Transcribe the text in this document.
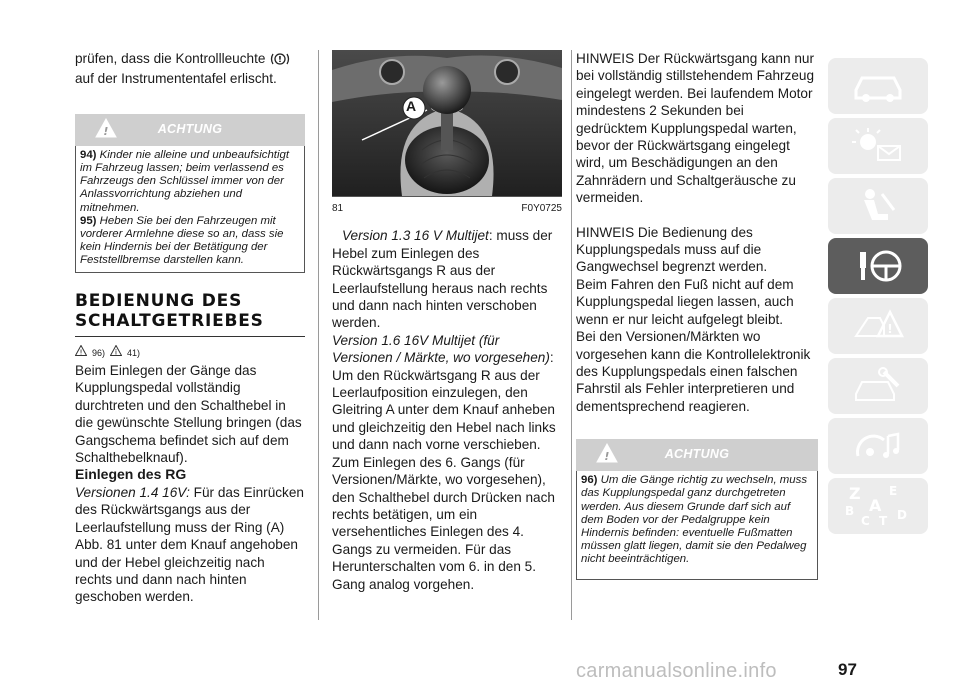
prüfen, dass die Kontrollleuchte !
auf der Instrumententafel erlischt.

!	ACHTUNG

94) Kinder nie alleine und unbeaufsichtigt im Fahrzeug lassen; beim verlassend es Fahrzeugs den Schlüssel immer von der Anlassvorrichtung abziehen und mitnehmen.

95) Heben Sie bei den Fahrzeugen mit vorderer Armlehne diese so an, dass sie kein Hindernis bei der Betätigung der Feststellbremse darstellen kann.

BEDIENUNG DES SCHALTGETRIEBES
! 96) i 41)

Beim Einlegen der Gänge das Kupplungspedal vollständig durchtreten und den Schalthebel in die gewünschte Stellung bringen (das Gangschema befindet sich auf dem Schalthebelknauf).

Einlegen des RG

Versionen 1.4 16V: Für das Einrücken des Rückwärtsgangs aus der Leerlaufstellung muss der Ring (A) Abb. 81 unter dem Knauf angehoben und der Hebel gleichzeitig nach rechts und dann nach hinten geschoben werden.

A
81	F0Y0725

Version 1.3 16 V Multijet: muss der Hebel zum Einlegen des Rückwärtsgangs R aus der Leerlaufstellung heraus nach rechts und dann nach hinten verschoben werden.

Version 1.6 16V Multijet (für Versionen / Märkte, wo vorgesehen): Um den Rückwärtsgang R aus der Leerlaufposition einzulegen, den Gleitring A unter dem Knauf anheben und gleichzeitig den Hebel nach links und dann nach vorne verschieben.

Zum Einlegen des 6. Gangs (für Versionen/Märkte, wo vorgesehen), den Schalthebel durch Drücken nach rechts betätigen, um ein versehentliches Einlegen des 4. Gangs zu vermeiden. Für das Herunterschalten vom 6. in den 5. Gang analog vorgehen.

HINWEIS Der Rückwärtsgang kann nur bei vollständig stillstehendem Fahrzeug eingelegt werden. Bei laufendem Motor mindestens 2 Sekunden bei gedrücktem Kupplungspedal warten, bevor der Rückwärtsgang eingelegt wird, um Beschädigungen an den Zahnrädern und Schaltgeräusche zu vermeiden.

HINWEIS Die Bedienung des Kupplungspedals muss auf die Gangwechsel begrenzt werden.

Beim Fahren den Fuß nicht auf dem Kupplungspedal liegen lassen, auch wenn er nur leicht aufgelegt bleibt.

Bei den Versionen/Märkten wo vorgesehen kann die Kontrollelektronik des Kupplungspedals einen falschen Fahrstil als Fehler interpretieren und dementsprechend reagieren.

!	ACHTUNG

96) Um die Gänge richtig zu wechseln, muss das Kupplungspedal ganz durchgetreten werden. Aus diesem Grunde darf sich auf dem Boden vor der Pedalgruppe kein Hindernis befinden: eventuelle Fußmatten müssen glatt liegen, damit sie den Pedalweg nicht beeinträchtigen.

!
Z E
A
B
C T D
97
carmanualsonline.info
